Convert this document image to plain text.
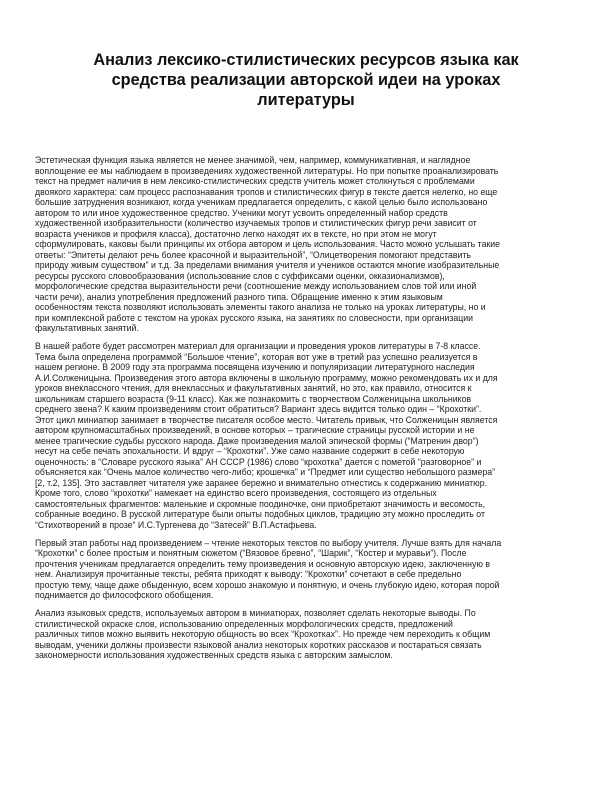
Анализ лексико-стилистических ресурсов языка как
средства реализации авторской идеи на уроках
литературы
Эстетическая функция языка является не менее значимой, чем, например, коммуникативная, и наглядное
воплощение ее мы наблюдаем в произведениях художественной литературы. Но при попытке проанализировать
текст на предмет наличия в нем лексико-стилистических средств учитель может столкнуться с проблемами
двоякого характера: сам процесс распознавания тропов и стилистических фигур в тексте дается нелегко, но еще
большие затруднения возникают, когда ученикам предлагается определить, с какой целью было использовано
автором то или иное художественное средство. Ученики могут усвоить определенный набор средств
художественной изобразительности (количество изучаемых тропов и стилистических фигур речи зависит от
возраста учеников и профиля класса), достаточно легко находят их в тексте, но при этом не могут
сформулировать, каковы были принципы их отбора автором и цель использования. Часто можно услышать такие
ответы: “Эпитеты делают речь более красочной и выразительной”, “Олицетворения помогают представить
природу живым существом” и т.д. За пределами внимания учителя и учеников остаются многие изобразительные
ресурсы русского словообразования (использование слов с суффиксами оценки, окказионализмов),
морфологические средства выразительности речи (соотношение между использованием слов той или иной
части речи), анализ употребления предложений разного типа. Обращение именно к этим языковым
особенностям текста позволяют использовать элементы такого анализа не только на уроках литературы, но и
при комплексной работе с текстом на уроках русского языка, на занятиях по словесности, при организации
факультативных занятий.
В нашей работе будет рассмотрен материал для организации и проведения уроков литературы в 7-8 классе.
Тема была определена программой “Большое чтение”, которая вот уже в третий раз успешно реализуется в
нашем регионе. В 2009 году эта программа посвящена изучению и популяризации литературного наследия
А.И.Солженицына. Произведения этого автора включены в школьную программу, можно рекомендовать их и для
уроков внеклассного чтения, для внеклассных и факультативных занятий, но это, как правило, относится к
школьникам старшего возраста (9-11 класс). Как же познакомить с творчеством Солженицына школьников
среднего звена? К каким произведениям стоит обратиться? Вариант здесь видится только один – “Крохотки”.
Этот цикл миниатюр занимает в творчестве писателя особое место. Читатель привык, что Солженицын является
автором крупномасштабных произведений, в основе которых – трагические страницы русской истории и не
менее трагические судьбы русского народа. Даже произведения малой эпической формы (“Матренин двор”)
несут на себе печать эпохальности. И вдруг – “Крохотки”. Уже само название содержит в себе некоторую
оценочность: в “Словаре русского языка” АН СССР (1986) слово “крохотка” дается с пометой “разговорное” и
объясняется как “Очень малое количество чего-либо; крошечка” и “Предмет или существо небольшого размера”
[2, т.2, 135]. Это заставляет читателя уже заранее бережно и внимательно отнестись к содержанию миниатюр.
Кроме того, слово “крохотки” намекает на единство всего произведения, состоящего из отдельных
самостоятельных фрагментов: маленькие и скромные поодиночке, они приобретают значимость и весомость,
собранные воедино. В русской литературе были опыты подобных циклов, традицию эту можно проследить от
“Стихотворений в прозе” И.С.Тургенева до “Затесей” В.П.Астафьева.
Первый этап работы над произведением – чтение некоторых текстов по выбору учителя. Лучше взять для начала
“Крохотки” с более простым и понятным сюжетом (“Вязовое бревно”, “Шарик”, “Костер и муравьи”). После
прочтения ученикам предлагается определить тему произведения и основную авторскую идею, заключенную в
нем. Анализируя прочитанные тексты, ребята приходят к выводу: “Крохотки” сочетают в себе предельно
простую тему, чаще даже обыденную, всем хорошо знакомую и понятную, и очень глубокую идею, которая порой
поднимается до философского обобщения.
Анализ языковых средств, используемых автором в миниатюрах, позволяет сделать некоторые выводы. По
стилистической окраске слов, использованию определенных морфологических средств, предложений
различных типов можно выявить некоторую общность во всех “Крохотках”. Но прежде чем переходить к общим
выводам, ученики должны произвести языковой анализ некоторых коротких рассказов и постараться связать
закономерности использования художественных средств языка с авторским замыслом.
